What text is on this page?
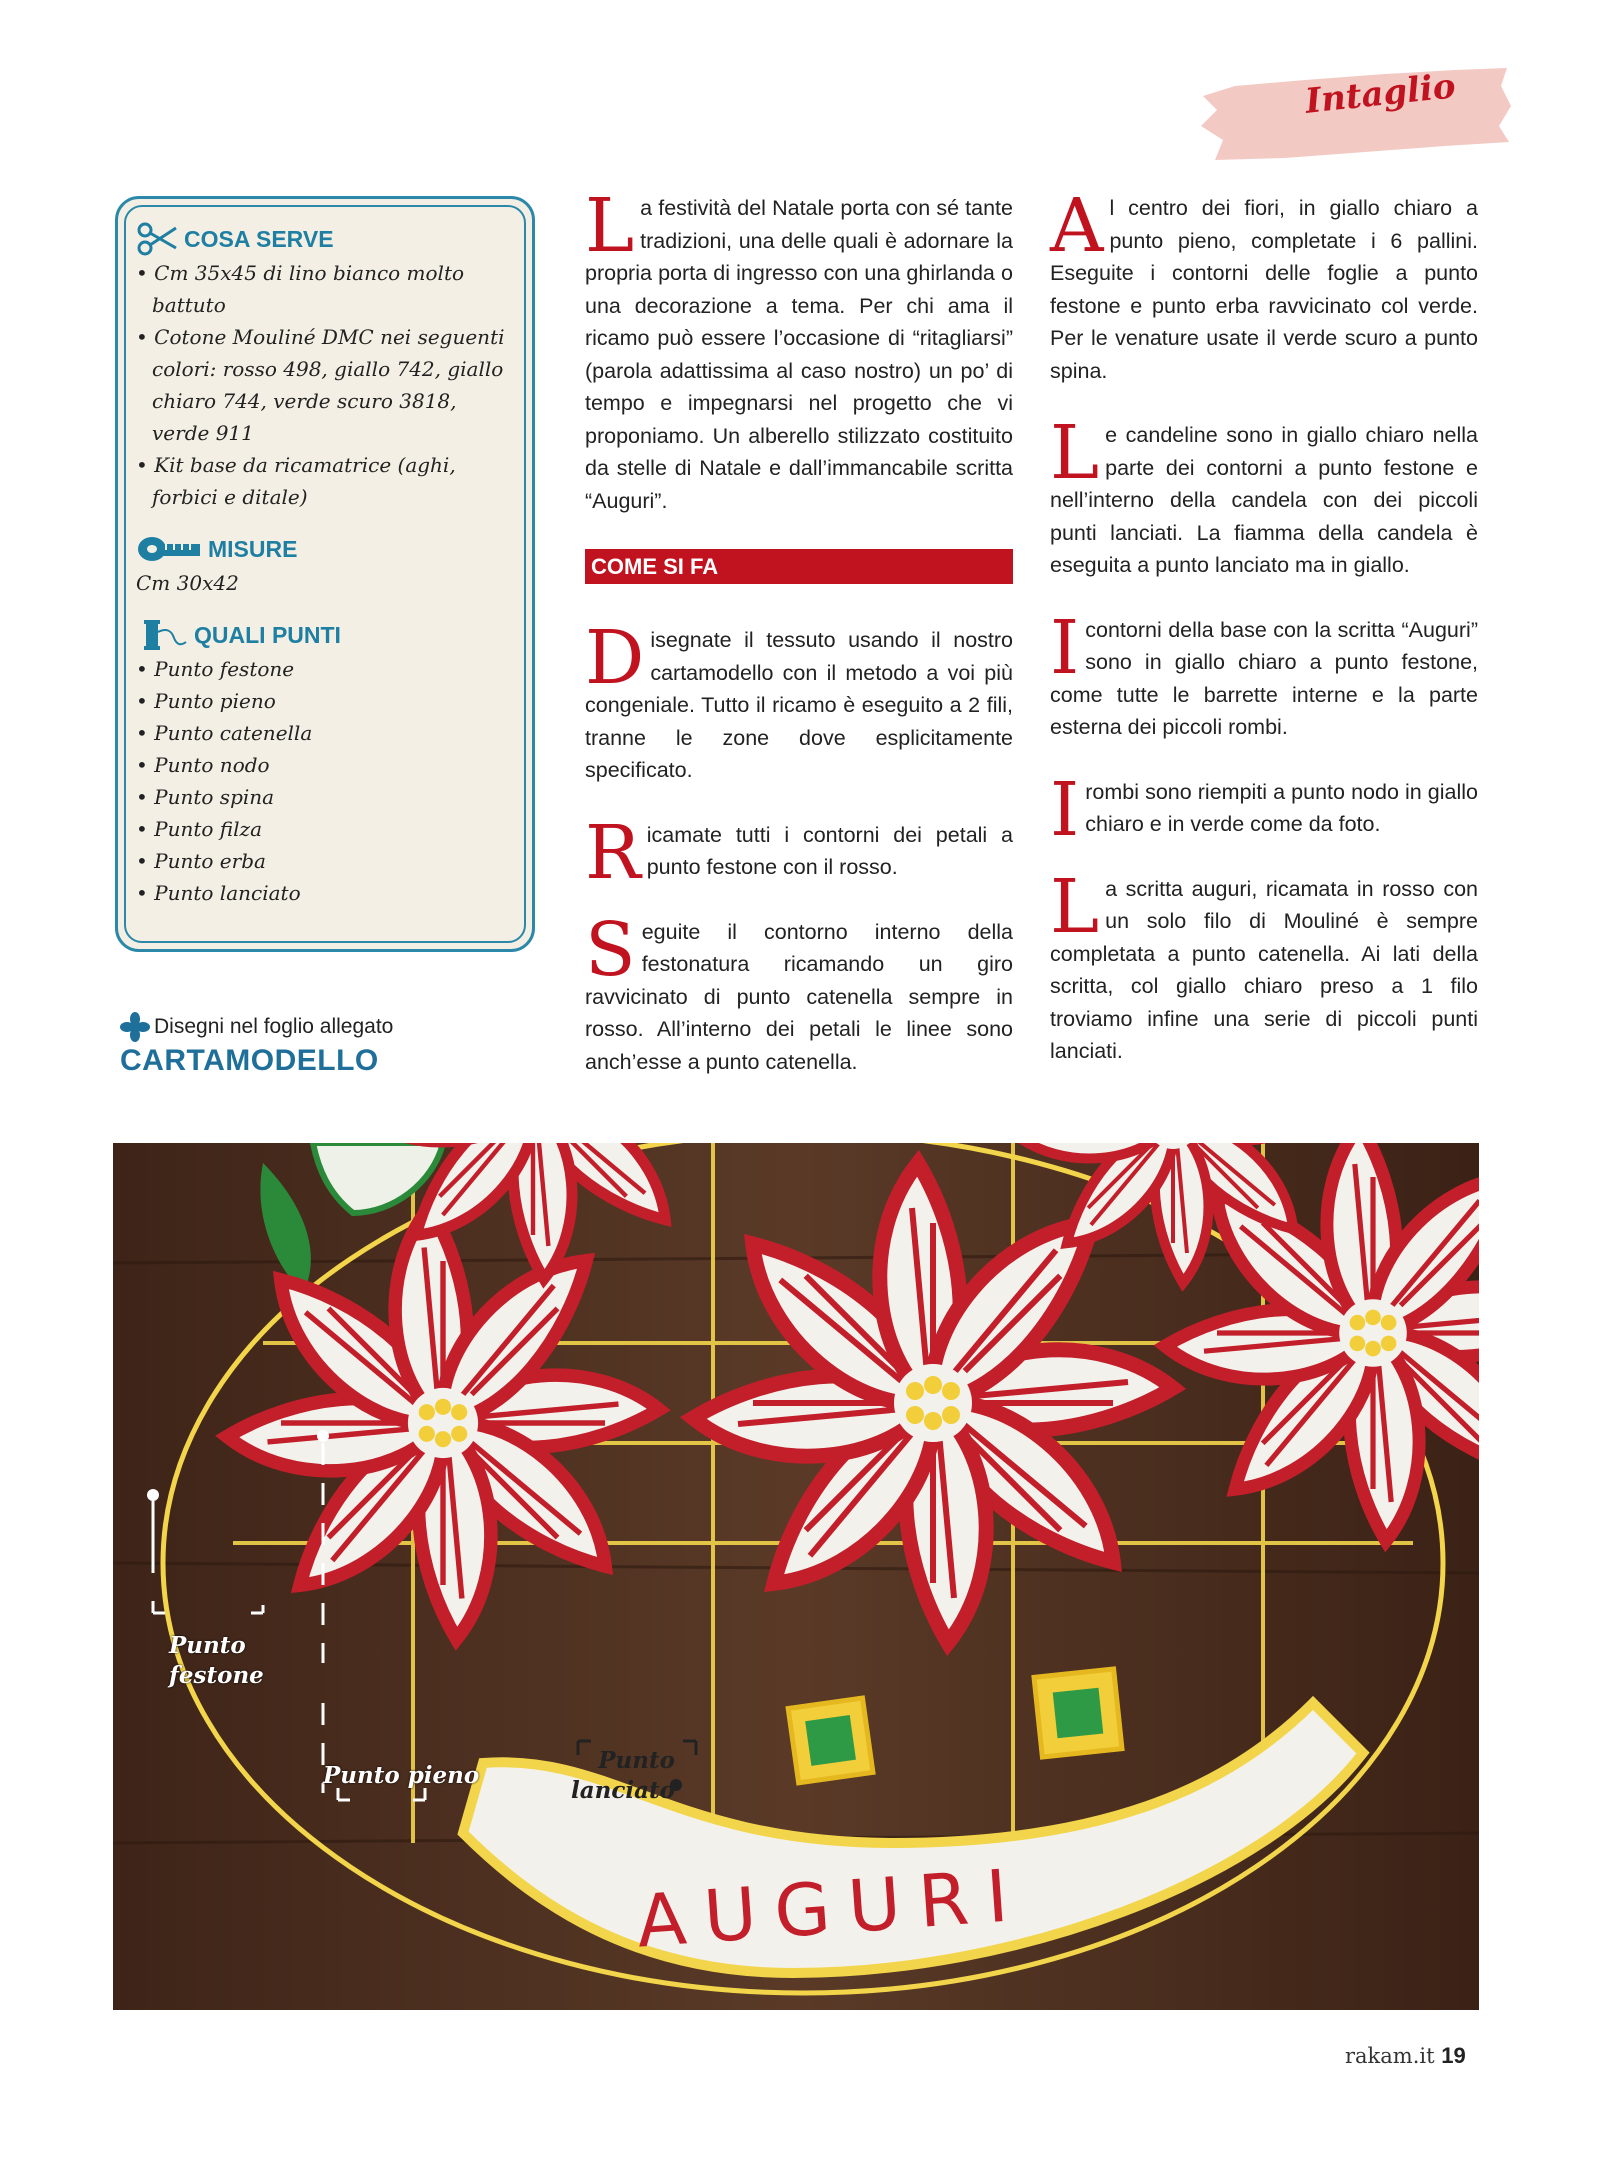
Intaglio
COSA SERVE
• Cm 35x45 di lino bianco molto battuto
• Cotone Mouliné DMC nei seguenti colori: rosso 498, giallo 742, giallo chiaro 744, verde scuro 3818, verde 911
• Kit base da ricamatrice (aghi, forbici e ditale)
MISURE

Cm 30x42

QUALI PUNTI
• Punto festone
• Punto pieno
• Punto catenella
• Punto nodo
• Punto spina
• Punto filza
• Punto erba
• Punto lanciato
Disegni nel foglio allegato
CARTAMODELLO

La festività del Natale porta con sé tante tradizioni, una delle quali è adornare la propria porta di ingresso con una ghirlanda o una decorazione a tema. Per chi ama il ricamo può essere l’occasione di “ritagliarsi” (parola adattissima al caso nostro) un po’ di tempo e impegnarsi nel progetto che vi proponiamo. Un alberello stilizzato costituito da stelle di Natale e dall’immancabile scritta “Auguri”.

COME SI FA

Disegnate il tessuto usando il nostro cartamodello con il metodo a voi più congeniale. Tutto il ricamo è eseguito a 2 fili, tranne le zone dove esplicitamente specificato.

Ricamate tutti i contorni dei petali a punto festone con il rosso.

Seguite il contorno interno della festonatura ricamando un giro ravvicinato di punto catenella sempre in rosso. All’interno dei petali le linee sono anch’esse a punto catenella.

Al centro dei fiori, in giallo chiaro a punto pieno, completate i 6 pallini. Eseguite i contorni delle foglie a punto festone e punto erba ravvicinato col verde. Per le venature usate il verde scuro a punto spina.

Le candeline sono in giallo chiaro nella parte dei contorni a punto festone e nell’interno della candela con dei piccoli punti lanciati. La fiamma della candela è eseguita a punto lanciato ma in giallo.

I contorni della base con la scritta “Auguri” sono in giallo chiaro a punto festone, come tutte le barrette interne e la parte esterna dei piccoli rombi.

I rombi sono riempiti a punto nodo in giallo chiaro e in verde come da foto.

La scritta auguri, ricamata in rosso con un solo filo di Mouliné è sempre completata a punto catenella. Ai lati della scritta, col giallo chiaro preso a 1 filo troviamo infine una serie di piccoli punti lanciati.

AUGURI
Punto
festone
Punto
lanciato
Punto pieno
rakam.it 19
